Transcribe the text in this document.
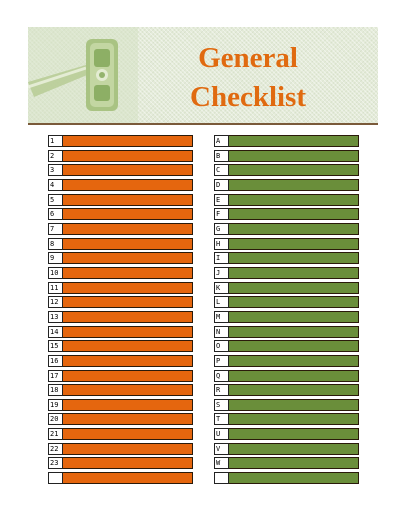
General
Checklist
1
2
3
4
5
6
7
8
9
10
11
12
13
14
15
16
17
18
19
20
21
22
23
A
B
C
D
E
F
G
H
I
J
K
L
M
N
O
P
Q
R
S
T
U
V
W
